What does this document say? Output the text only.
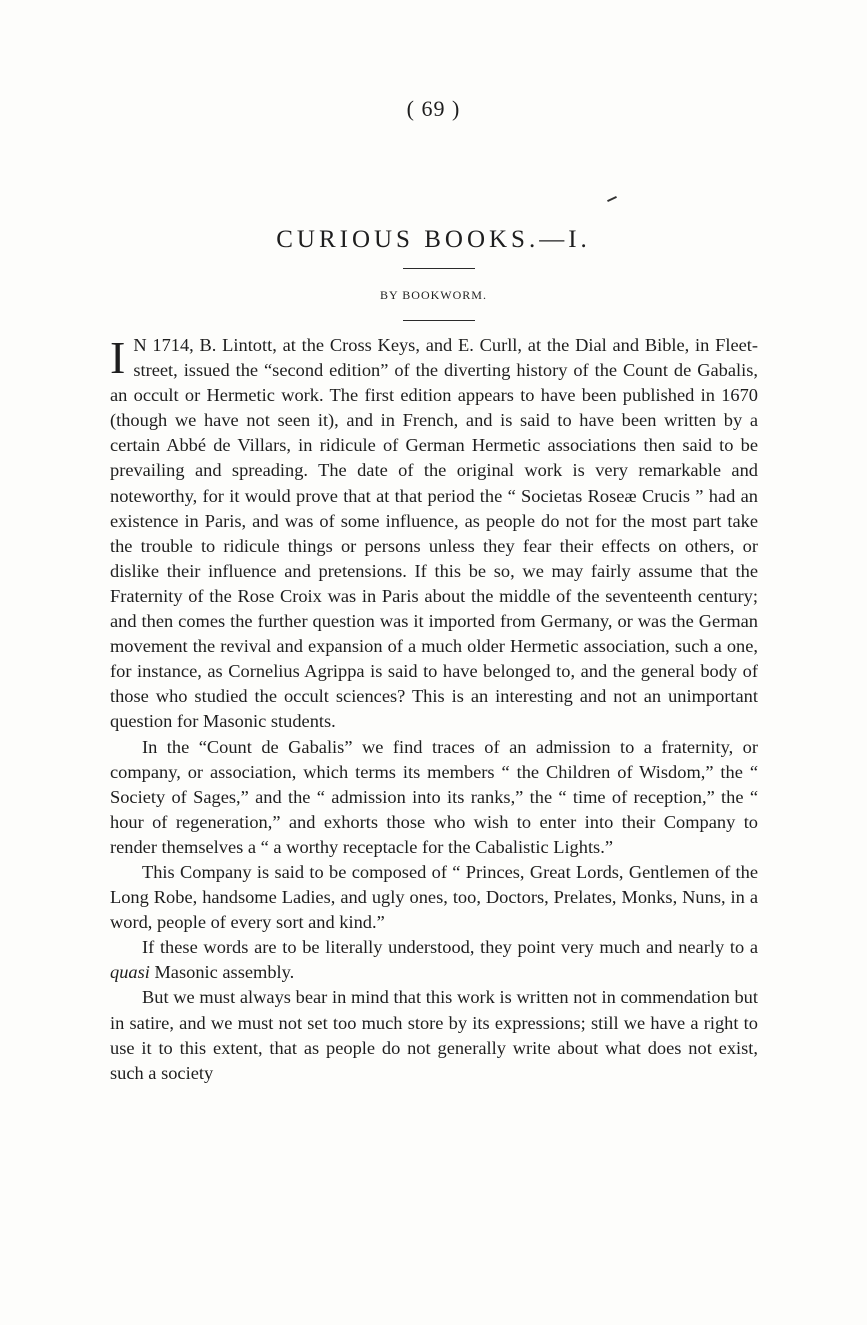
( 69 )
CURIOUS BOOKS.—I.
BY BOOKWORM.

I N 1714, B. Lintott, at the Cross Keys, and E. Curll, at the Dial and Bible, in Fleet-street, issued the “second edition” of the diverting history of the Count de Gabalis, an occult or Hermetic work. The first edition appears to have been published in 1670 (though we have not seen it), and in French, and is said to have been written by a certain Abbé de Villars, in ridicule of German Hermetic associations then said to be prevailing and spreading. The date of the original work is very remarkable and noteworthy, for it would prove that at that period the “ Societas Roseæ Crucis ” had an existence in Paris, and was of some influence, as people do not for the most part take the trouble to ridicule things or persons unless they fear their effects on others, or dislike their influence and pretensions. If this be so, we may fairly assume that the Fraternity of the Rose Croix was in Paris about the middle of the seventeenth century; and then comes the further question was it imported from Germany, or was the German movement the revival and expansion of a much older Hermetic association, such a one, for instance, as Cornelius Agrippa is said to have belonged to, and the general body of those who studied the occult sciences? This is an interesting and not an unimportant question for Masonic students.

In the “Count de Gabalis” we find traces of an admission to a fraternity, or company, or association, which terms its members “ the Children of Wisdom,” the “ Society of Sages,” and the “ admission into its ranks,” the “ time of reception,” the “ hour of regeneration,” and exhorts those who wish to enter into their Company to render themselves a “ a worthy receptacle for the Cabalistic Lights.”

This Company is said to be composed of “ Princes, Great Lords, Gentlemen of the Long Robe, handsome Ladies, and ugly ones, too, Doctors, Prelates, Monks, Nuns, in a word, people of every sort and kind.”

If these words are to be literally understood, they point very much and nearly to a quasi Masonic assembly.

But we must always bear in mind that this work is written not in commendation but in satire, and we must not set too much store by its expressions; still we have a right to use it to this extent, that as people do not generally write about what does not exist, such a society
